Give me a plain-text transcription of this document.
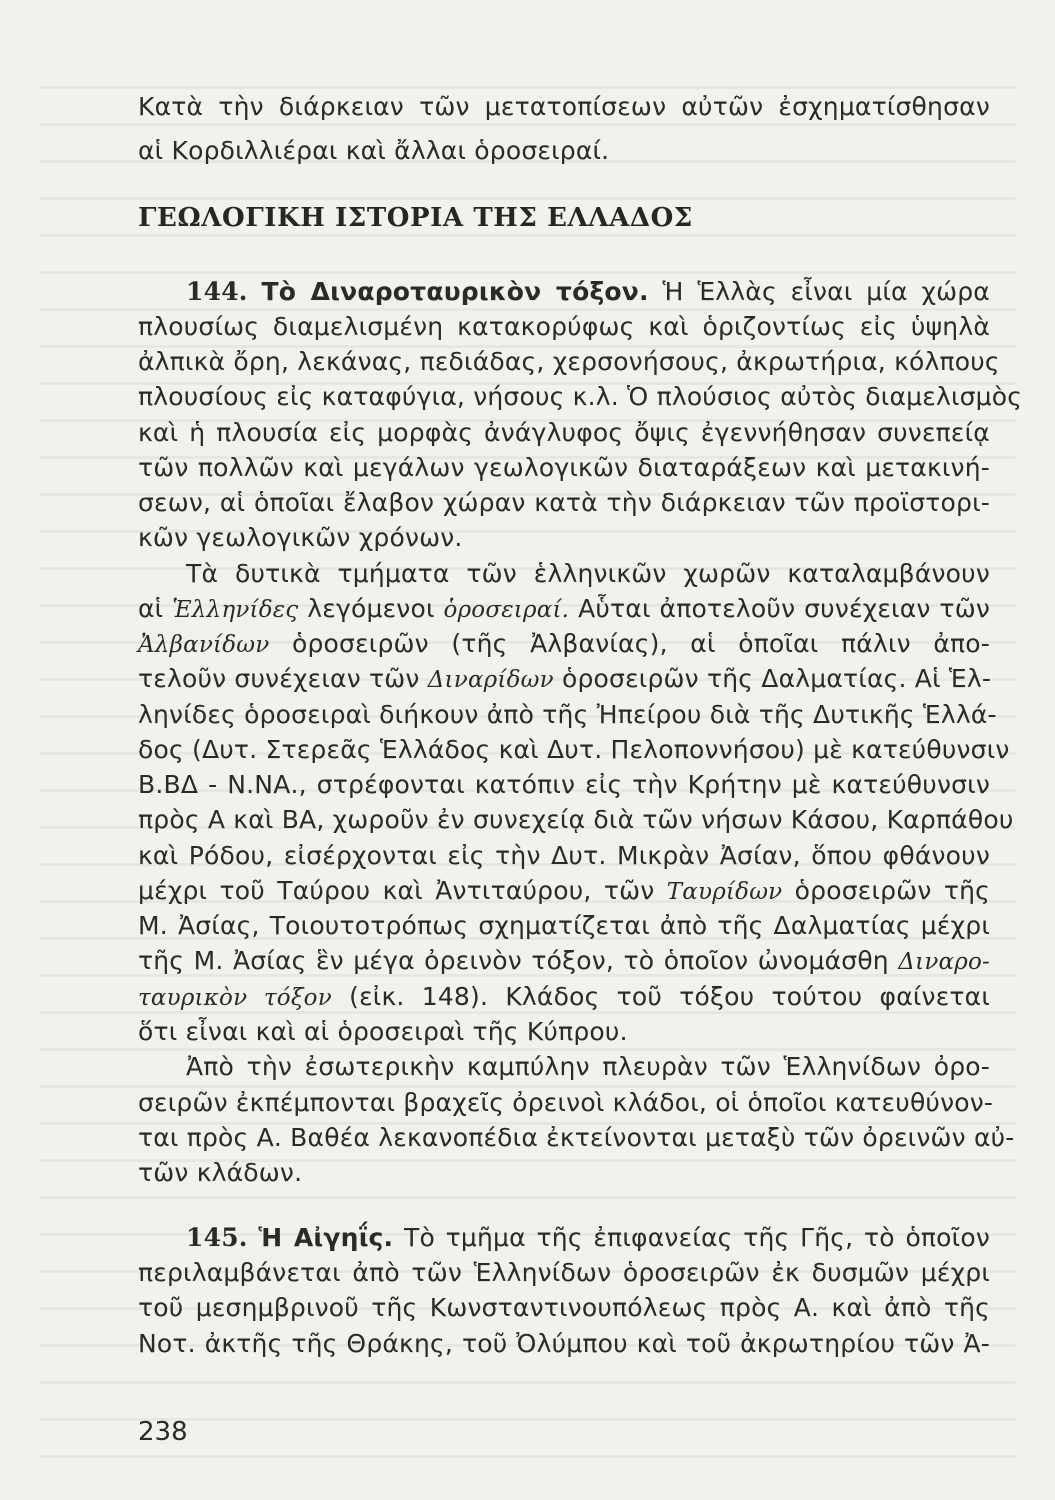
Κατὰ τὴν διάρκειαν τῶν μετατοπίσεων αὐτῶν ἐσχηματίσθησαν

αἱ Κορδιλλιέραι καὶ ἄλλαι ὁροσειραί.

ΓΕΩΛΟΓΙΚΗ ΙΣΤΟΡΙΑ ΤΗΣ ΕΛΛΑΔΟΣ

144. Τὸ Διναροταυρικὸν τόξον. Ἡ Ἑλλὰς εἶναι μία χώρα

πλουσίως διαμελισμένη κατακορύφως καὶ ὁριζοντίως εἰς ὑψηλὰ

ἀλπικὰ ὄρη, λεκάνας, πεδιάδας, χερσονήσους, ἀκρωτήρια, κόλπους

πλουσίους εἰς καταφύγια, νήσους κ.λ. Ὁ πλούσιος αὐτὸς διαμελισμὸς

καὶ ἡ πλουσία εἰς μορφὰς ἀνάγλυφος ὄψις ἐγεννήθησαν συνεπείᾳ

τῶν πολλῶν καὶ μεγάλων γεωλογικῶν διαταράξεων καὶ μετακινή-

σεων, αἱ ὁποῖαι ἔλαβον χώραν κατὰ τὴν διάρκειαν τῶν προϊστορι-

κῶν γεωλογικῶν χρόνων.

Τὰ δυτικὰ τμήματα τῶν ἑλληνικῶν χωρῶν καταλαμβάνουν

αἱ Ἑλληνίδες λεγόμενοι ὁροσειραί. Αὗται ἀποτελοῦν συνέχειαν τῶν

Ἀλβανίδων ὁροσειρῶν (τῆς Ἀλβανίας), αἱ ὁποῖαι πάλιν ἀπο-

τελοῦν συνέχειαν τῶν Διναρίδων ὁροσειρῶν τῆς Δαλματίας. Αἱ Ἑλ-

ληνίδες ὁροσειραὶ διήκουν ἀπὸ τῆς Ἠπείρου διὰ τῆς Δυτικῆς Ἑλλά-

δος (Δυτ. Στερεᾶς Ἑλλάδος καὶ Δυτ. Πελοποννήσου) μὲ κατεύθυνσιν

Β.ΒΔ - Ν.ΝΑ., στρέφονται κατόπιν εἰς τὴν Κρήτην μὲ κατεύθυνσιν

πρὸς Α καὶ ΒΑ, χωροῦν ἐν συνεχείᾳ διὰ τῶν νήσων Κάσου, Καρπάθου

καὶ Ρόδου, εἰσέρχονται εἰς τὴν Δυτ. Μικρὰν Ἀσίαν, ὅπου φθάνουν

μέχρι τοῦ Ταύρου καὶ Ἀντιταύρου, τῶν Ταυρίδων ὁροσειρῶν τῆς

Μ. Ἀσίας, Τοιουτοτρόπως σχηματίζεται ἀπὸ τῆς Δαλματίας μέχρι

τῆς Μ. Ἀσίας ἓν μέγα ὀρεινὸν τόξον, τὸ ὁποῖον ὠνομάσθη Διναρο-

ταυρικὸν τόξον (εἰκ. 148). Κλάδος τοῦ τόξου τούτου φαίνεται

ὅτι εἶναι καὶ αἱ ὁροσειραὶ τῆς Κύπρου.

Ἀπὸ τὴν ἐσωτερικὴν καμπύλην πλευρὰν τῶν Ἑλληνίδων ὀρο-

σειρῶν ἐκπέμπονται βραχεῖς ὀρεινοὶ κλάδοι, οἱ ὁποῖοι κατευθύνον-

ται πρὸς Α. Βαθέα λεκανοπέδια ἐκτείνονται μεταξὺ τῶν ὀρεινῶν αὐ-

τῶν κλάδων.

145. Ἡ Αἰγηΐς. Τὸ τμῆμα τῆς ἐπιφανείας τῆς Γῆς, τὸ ὁποῖον

περιλαμβάνεται ἀπὸ τῶν Ἑλληνίδων ὁροσειρῶν ἐκ δυσμῶν μέχρι

τοῦ μεσημβρινοῦ τῆς Κωνσταντινουπόλεως πρὸς Α. καὶ ἀπὸ τῆς

Νοτ. ἀκτῆς τῆς Θράκης, τοῦ Ὀλύμπου καὶ τοῦ ἀκρωτηρίου τῶν Ἀ-

238
